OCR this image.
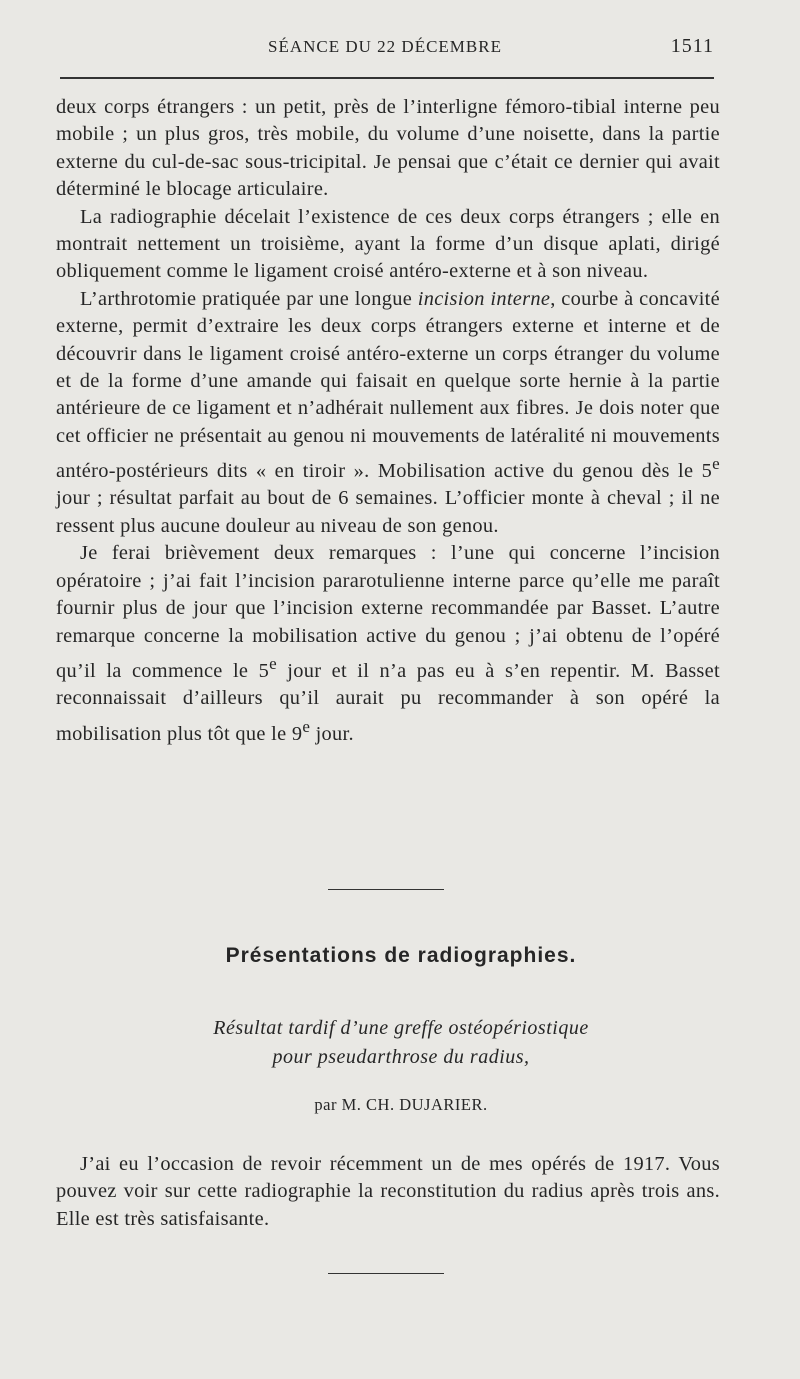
SÉANCE DU 22 DÉCEMBRE	1511

deux corps étrangers : un petit, près de l’interligne fémoro-tibial interne peu mobile ; un plus gros, très mobile, du volume d’une noisette, dans la partie externe du cul-de-sac sous-tricipital. Je pensai que c’était ce dernier qui avait déterminé le blocage articulaire.

La radiographie décelait l’existence de ces deux corps étrangers ; elle en montrait nettement un troisième, ayant la forme d’un disque aplati, dirigé obliquement comme le ligament croisé antéro-externe et à son niveau.

L’arthrotomie pratiquée par une longue incision interne, courbe à concavité externe, permit d’extraire les deux corps étrangers externe et interne et de découvrir dans le ligament croisé antéro-externe un corps étranger du volume et de la forme d’une amande qui faisait en quelque sorte hernie à la partie antérieure de ce ligament et n’adhérait nullement aux fibres. Je dois noter que cet officier ne présentait au genou ni mouvements de latéralité ni mouvements antéro-postérieurs dits « en tiroir ». Mobilisation active du genou dès le 5e jour ; résultat parfait au bout de 6 semaines. L’officier monte à cheval ; il ne ressent plus aucune douleur au niveau de son genou.

Je ferai brièvement deux remarques : l’une qui concerne l’incision opératoire ; j’ai fait l’incision pararotulienne interne parce qu’elle me paraît fournir plus de jour que l’incision externe recommandée par Basset. L’autre remarque concerne la mobilisation active du genou ; j’ai obtenu de l’opéré qu’il la commence le 5e jour et il n’a pas eu à s’en repentir. M. Basset reconnaissait d’ailleurs qu’il aurait pu recommander à son opéré la mobilisation plus tôt que le 9e jour.

Présentations de radiographies.
Résultat tardif d’une greffe ostéopériostique
pour pseudarthrose du radius,
par M. CH. DUJARIER.

J’ai eu l’occasion de revoir récemment un de mes opérés de 1917. Vous pouvez voir sur cette radiographie la reconstitution du radius après trois ans. Elle est très satisfaisante.
